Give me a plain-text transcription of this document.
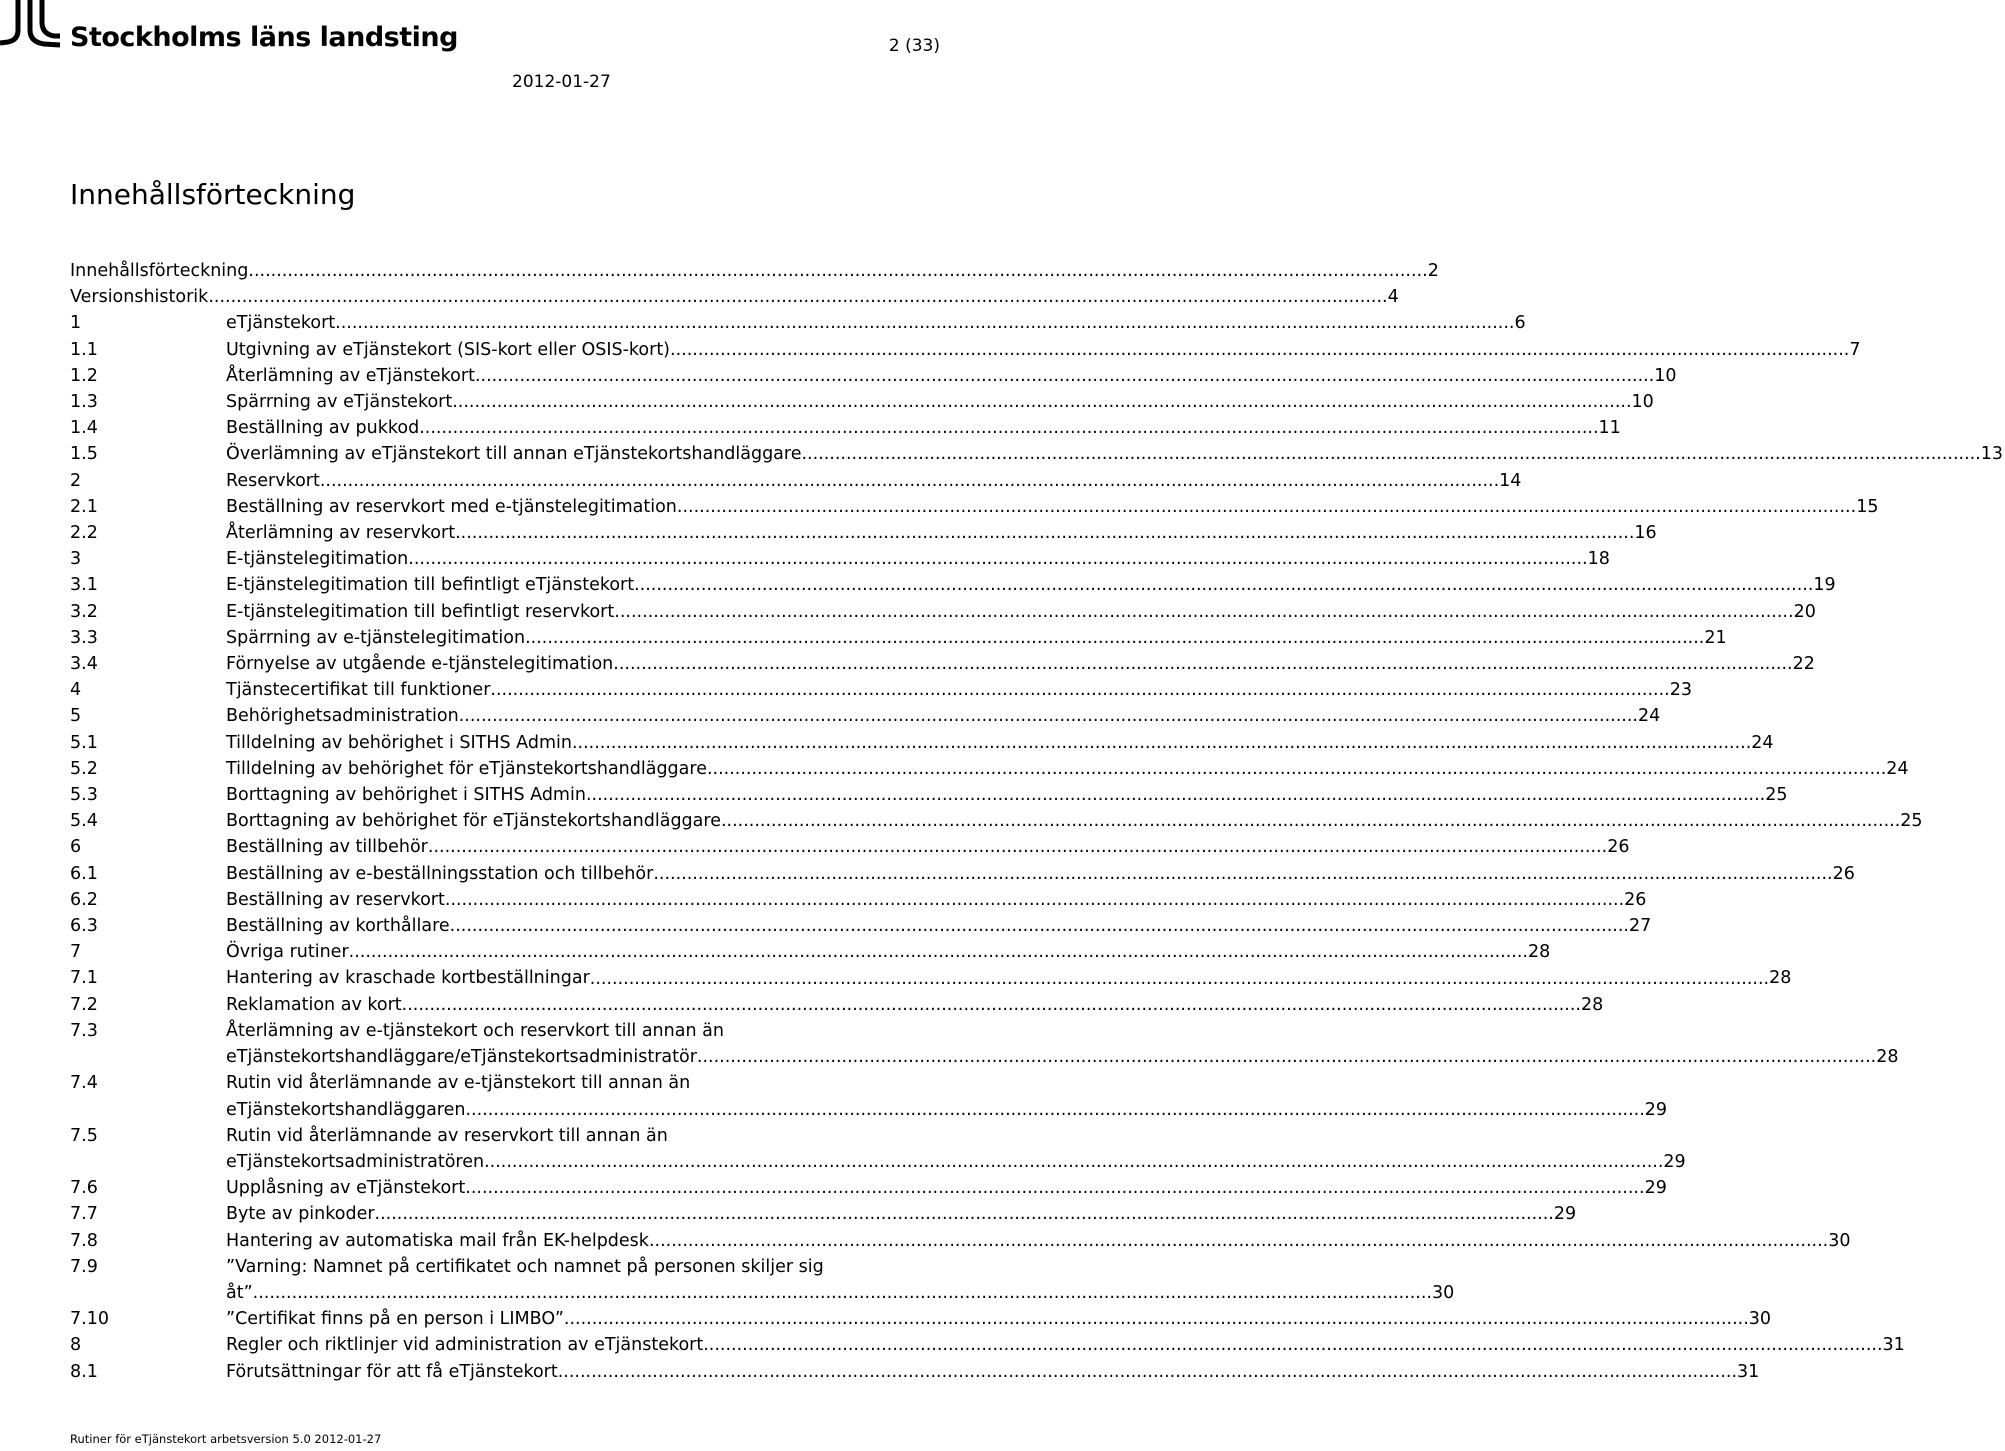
Stockholms läns landsting	2 (33)
2012-01-27
Innehållsförteckning
Innehållsförteckning .....	2
Versionshistorik .....	4
1	eTjänstekort .....	6
1.1	Utgivning av eTjänstekort (SIS-kort eller OSIS-kort) .....	7
1.2	Återlämning av eTjänstekort .....	10
1.3	Spärrning av eTjänstekort .....	10
1.4	Beställning av pukkod .....	11
1.5	Överlämning av eTjänstekort till annan eTjänstekortshandläggare .....	13
2	Reservkort .....	14
2.1	Beställning av reservkort med e-tjänstelegitimation .....	15
2.2	Återlämning av reservkort .....	16
3	E-tjänstelegitimation .....	18
3.1	E-tjänstelegitimation till befintligt eTjänstekort .....	19
3.2	E-tjänstelegitimation till befintligt reservkort .....	20
3.3	Spärrning av e-tjänstelegitimation .....	21
3.4	Förnyelse av utgående e-tjänstelegitimation .....	22
4	Tjänstecertifikat till funktioner .....	23
5	Behörighetsadministration .....	24
5.1	Tilldelning av behörighet i SITHS Admin .....	24
5.2	Tilldelning av behörighet för eTjänstekortshandläggare .....	24
5.3	Borttagning av behörighet i SITHS Admin .....	25
5.4	Borttagning av behörighet för eTjänstekortshandläggare .....	25
6	Beställning av tillbehör .....	26
6.1	Beställning av e-beställningsstation och tillbehör .....	26
6.2	Beställning av reservkort .....	26
6.3	Beställning av korthållare .....	27
7	Övriga rutiner .....	28
7.1	Hantering av kraschade kortbeställningar .....	28
7.2	Reklamation av kort .....	28
7.3	Återlämning av e-tjänstekort och reservkort till annan än
eTjänstekortshandläggare/eTjänstekortsadministratör .....	28
7.4	Rutin vid återlämnande av e-tjänstekort till annan än
eTjänstekortshandläggaren .....	29
7.5	Rutin vid återlämnande av reservkort till annan än
eTjänstekortsadministratören .....	29
7.6	Upplåsning av eTjänstekort .....	29
7.7	Byte av pinkoder .....	29
7.8	Hantering av automatiska mail från EK-helpdesk .....	30
7.9	”Varning: Namnet på certifikatet och namnet på personen skiljer sig
åt” .....	30
7.10	”Certifikat finns på en person i LIMBO”. .....	30
8	Regler och riktlinjer vid administration av eTjänstekort .....	31
8.1	Förutsättningar för att få eTjänstekort .....	31
Rutiner för eTjänstekort arbetsversion 5.0 2012-01-27
